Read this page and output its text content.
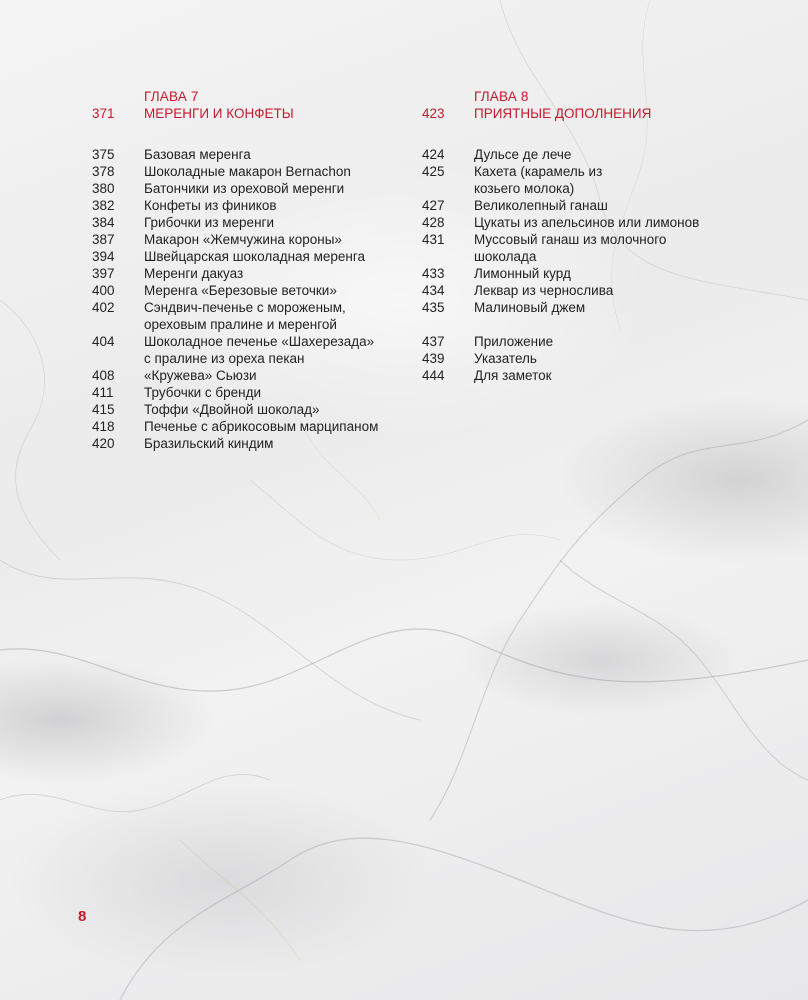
ГЛАВА 7
371	МЕРЕНГИ И КОНФЕТЫ
375	Базовая меренга
378	Шоколадные макарон Bernachon
380	Батончики из ореховой меренги
382	Конфеты из фиников
384	Грибочки из меренги
387	Макарон «Жемчужина короны»
394	Швейцарская шоколадная меренга
397	Меренги дакуаз
400	Меренга «Березовые веточки»
402	Сэндвич-печенье с мороженым,
ореховым пралине и меренгой
404	Шоколадное печенье «Шахерезада»
с пралине из ореха пекан
408	«Кружева» Сьюзи
411	Трубочки с бренди
415	Тоффи «Двойной шоколад»
418	Печенье с абрикосовым марципаном
420	Бразильский киндим
ГЛАВА 8
423	ПРИЯТНЫЕ ДОПОЛНЕНИЯ
424	Дульсе де лече
425	Кахета (карамель из
козьего молока)
427	Великолепный ганаш
428	Цукаты из апельсинов или лимонов
431	Муссовый ганаш из молочного
шоколада
433	Лимонный курд
434	Леквар из чернослива
435	Малиновый джем
437	Приложение
439	Указатель
444	Для заметок
8
